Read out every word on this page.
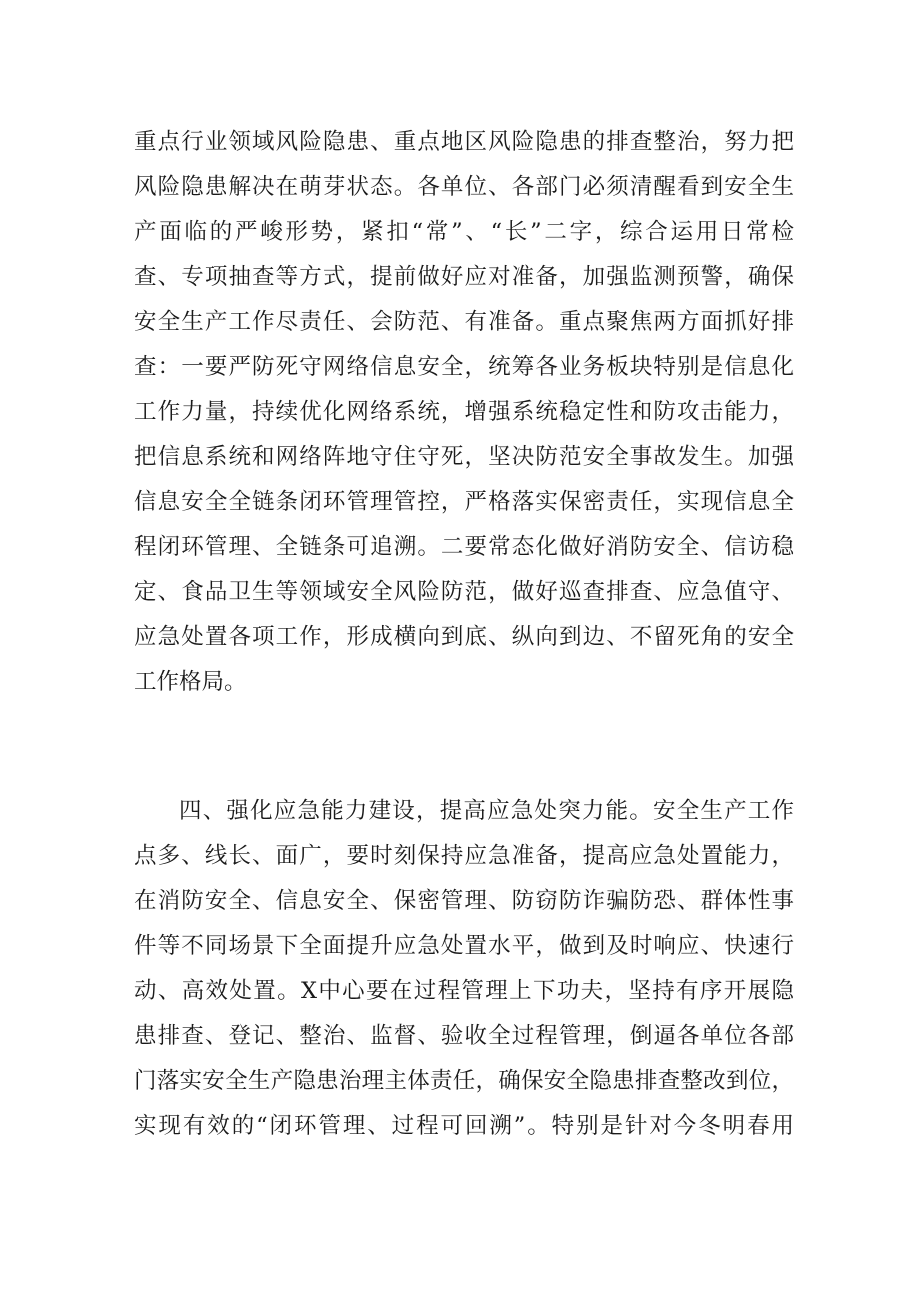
重点行业领域风险隐患、重点地区风险隐患的排查整治，努力把
风险隐患解决在萌芽状态。各单位、各部门必须清醒看到安全生
产面临的严峻形势，紧扣“常”、“长”二字，综合运用日常检
查、专项抽查等方式，提前做好应对准备，加强监测预警，确保
安全生产工作尽责任、会防范、有准备。重点聚焦两方面抓好排
查：一要严防死守网络信息安全，统筹各业务板块特别是信息化
工作力量，持续优化网络系统，增强系统稳定性和防攻击能力，
把信息系统和网络阵地守住守死，坚决防范安全事故发生。加强
信息安全全链条闭环管理管控，严格落实保密责任，实现信息全
程闭环管理、全链条可追溯。二要常态化做好消防安全、信访稳
定、食品卫生等领域安全风险防范，做好巡查排查、应急值守、
应急处置各项工作，形成横向到底、纵向到边、不留死角的安全
工作格局。
四、强化应急能力建设，提高应急处突力能。安全生产工作
点多、线长、面广，要时刻保持应急准备，提高应急处置能力，
在消防安全、信息安全、保密管理、防窃防诈骗防恐、群体性事
件等不同场景下全面提升应急处置水平，做到及时响应、快速行
动、高效处置。X中心要在过程管理上下功夫，坚持有序开展隐
患排查、登记、整治、监督、验收全过程管理，倒逼各单位各部
门落实安全生产隐患治理主体责任，确保安全隐患排查整改到位，
实现有效的“闭环管理、过程可回溯”。特别是针对今冬明春用
